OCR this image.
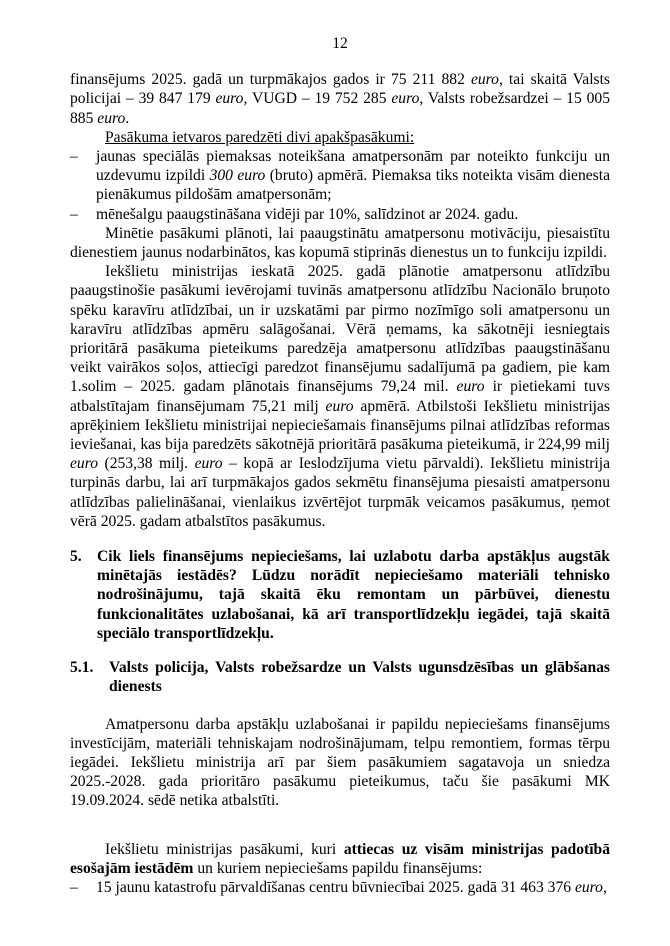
12

finansējums 2025. gadā un turpmākajos gados ir 75 211 882 euro, tai skaitā Valsts policijai – 39 847 179 euro, VUGD – 19 752 285 euro, Valsts robežsardzei – 15 005 885 euro.

Pasākuma ietvaros paredzēti divi apakšpasākumi:

–	jaunas speciālās piemaksas noteikšana amatpersonām par noteikto funkciju un uzdevumu izpildi 300 euro (bruto) apmērā. Piemaksa tiks noteikta visām dienesta pienākumus pildošām amatpersonām;
–	mēnešalgu paaugstināšana vidēji par 10%, salīdzinot ar 2024. gadu.

Minētie pasākumi plānoti, lai paaugstinātu amatpersonu motivāciju, piesaistītu dienestiem jaunus nodarbinātos, kas kopumā stiprinās dienestus un to funkciju izpildi.

Iekšlietu ministrijas ieskatā 2025. gadā plānotie amatpersonu atlīdzību paaugstinošie pasākumi ievērojami tuvinās amatpersonu atlīdzību Nacionālo bruņoto spēku karavīru atlīdzībai, un ir uzskatāmi par pirmo nozīmīgo soli amatpersonu un karavīru atlīdzības apmēru salāgošanai. Vērā ņemams, ka sākotnēji iesniegtais prioritārā pasākuma pieteikums paredzēja amatpersonu atlīdzības paaugstināšanu veikt vairākos soļos, attiecīgi paredzot finansējumu sadalījumā pa gadiem, pie kam 1.solim – 2025. gadam plānotais finansējums 79,24 mil. euro ir pietiekami tuvs atbalstītajam finansējumam 75,21 milj euro apmērā. Atbilstoši Iekšlietu ministrijas aprēķiniem Iekšlietu ministrijai nepieciešamais finansējums pilnai atlīdzības reformas ieviešanai, kas bija paredzēts sākotnējā prioritārā pasākuma pieteikumā, ir 224,99 milj euro (253,38 milj. euro – kopā ar Ieslodzījuma vietu pārvaldi). Iekšlietu ministrija turpinās darbu, lai arī turpmākajos gados sekmētu finansējuma piesaisti amatpersonu atlīdzības palielināšanai, vienlaikus izvērtējot turpmāk veicamos pasākumus, ņemot vērā 2025. gadam atbalstītos pasākumus.

5. Cik liels finansējums nepieciešams, lai uzlabotu darba apstākļus augstāk minētajās iestādēs? Lūdzu norādīt nepieciešamo materiāli tehnisko nodrošinājumu, tajā skaitā ēku remontam un pārbūvei, dienestu funkcionalitātes uzlabošanai, kā arī transportlīdzekļu iegādei, tajā skaitā speciālo transportlīdzekļu.
5.1.	Valsts policija, Valsts robežsardze un Valsts ugunsdzēsības un glābšanas dienests

Amatpersonu darba apstākļu uzlabošanai ir papildu nepieciešams finansējums investīcijām, materiāli tehniskajam nodrošinājumam, telpu remontiem, formas tērpu iegādei. Iekšlietu ministrija arī par šiem pasākumiem sagatavoja un sniedza 2025.-2028. gada prioritāro pasākumu pieteikumus, taču šie pasākumi MK 19.09.2024. sēdē netika atbalstīti.

Iekšlietu ministrijas pasākumi, kuri attiecas uz visām ministrijas padotībā esošajām iestādēm un kuriem nepieciešams papildu finansējums:

–	15 jaunu katastrofu pārvaldīšanas centru būvniecībai 2025. gadā 31 463 376 euro,
